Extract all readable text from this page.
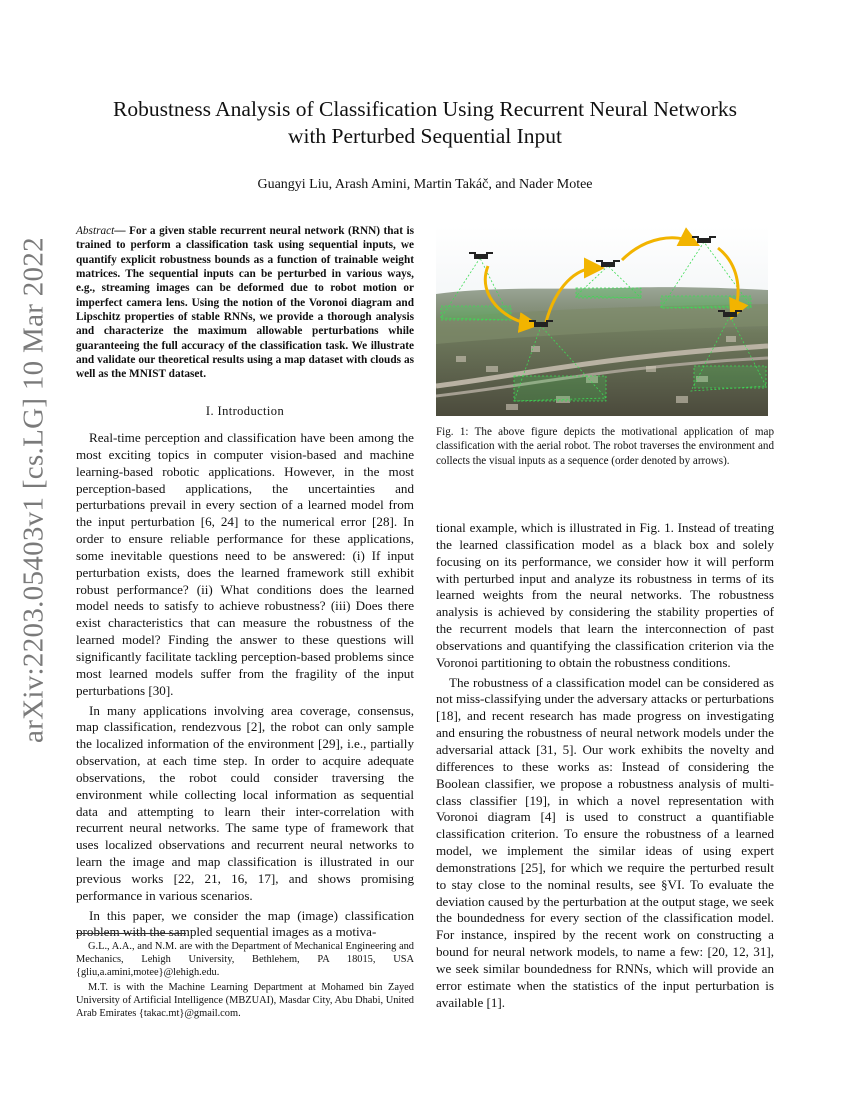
arXiv:2203.05403v1 [cs.LG] 10 Mar 2022
Robustness Analysis of Classification Using Recurrent Neural Networks
with Perturbed Sequential Input

Guangyi Liu, Arash Amini, Martin Takáč, and Nader Motee

Abstract— For a given stable recurrent neural network (RNN) that is trained to perform a classification task using sequential inputs, we quantify explicit robustness bounds as a function of trainable weight matrices. The sequential inputs can be perturbed in various ways, e.g., streaming images can be deformed due to robot motion or imperfect camera lens. Using the notion of the Voronoi diagram and Lipschitz properties of stable RNNs, we provide a thorough analysis and characterize the maximum allowable perturbations while guaranteeing the full accuracy of the classification task. We illustrate and validate our theoretical results using a map dataset with clouds as well as the MNIST dataset.

I. Introduction

Real-time perception and classification have been among the most exciting topics in computer vision-based and machine learning-based robotic applications. However, in the most perception-based applications, the uncertainties and perturbations prevail in every section of a learned model from the input perturbation [6, 24] to the numerical error [28]. In order to ensure reliable performance for these applications, some inevitable questions need to be answered: (i) If input perturbation exists, does the learned framework still exhibit robust performance? (ii) What conditions does the learned model needs to satisfy to achieve robustness? (iii) Does there exist characteristics that can measure the robustness of the learned model? Finding the answer to these questions will significantly facilitate tackling perception-based problems since most learned models suffer from the fragility of the input perturbations [30].

In many applications involving area coverage, consensus, map classification, rendezvous [2], the robot can only sample the localized information of the environment [29], i.e., partially observation, at each time step. In order to acquire adequate observations, the robot could consider traversing the environment while collecting local information as sequential data and attempting to learn their inter-correlation with recurrent neural networks. The same type of framework that uses localized observations and recurrent neural networks to learn the image and map classification is illustrated in our previous works [22, 21, 16, 17], and shows promising performance in various scenarios.

In this paper, we consider the map (image) classification problem with the sampled sequential images as a motiva-

G.L., A.A., and N.M. are with the Department of Mechanical Engineering and Mechanics, Lehigh University, Bethlehem, PA 18015, USA {gliu,a.amini,motee}@lehigh.edu.

M.T. is with the Machine Learning Department at Mohamed bin Zayed University of Artificial Intelligence (MBZUAI), Masdar City, Abu Dhabi, United Arab Emirates {takac.mt}@gmail.com.

Fig. 1: The above figure depicts the motivational application of map classification with the aerial robot. The robot traverses the environment and collects the visual inputs as a sequence (order denoted by arrows).

tional example, which is illustrated in Fig. 1. Instead of treating the learned classification model as a black box and solely focusing on its performance, we consider how it will perform with perturbed input and analyze its robustness in terms of its learned weights from the neural networks. The robustness analysis is achieved by considering the stability properties of the recurrent models that learn the interconnection of past observations and quantifying the classification criterion via the Voronoi partitioning to obtain the robustness conditions.

The robustness of a classification model can be considered as not miss-classifying under the adversary attacks or perturbations [18], and recent research has made progress on investigating and ensuring the robustness of neural network models under the adversarial attack [31, 5]. Our work exhibits the novelty and differences to these works as: Instead of considering the Boolean classifier, we propose a robustness analysis of multi-class classifier [19], in which a novel representation with Voronoi diagram [4] is used to construct a quantifiable classification criterion. To ensure the robustness of a learned model, we implement the similar ideas of using expert demonstrations [25], for which we require the perturbed result to stay close to the nominal results, see §VI. To evaluate the deviation caused by the perturbation at the output stage, we seek the boundedness for every section of the classification model. For instance, inspired by the recent work on constructing a bound for neural network models, to name a few: [20, 12, 31], we seek similar boundedness for RNNs, which will provide an error estimate when the statistics of the input perturbation is available [1].
